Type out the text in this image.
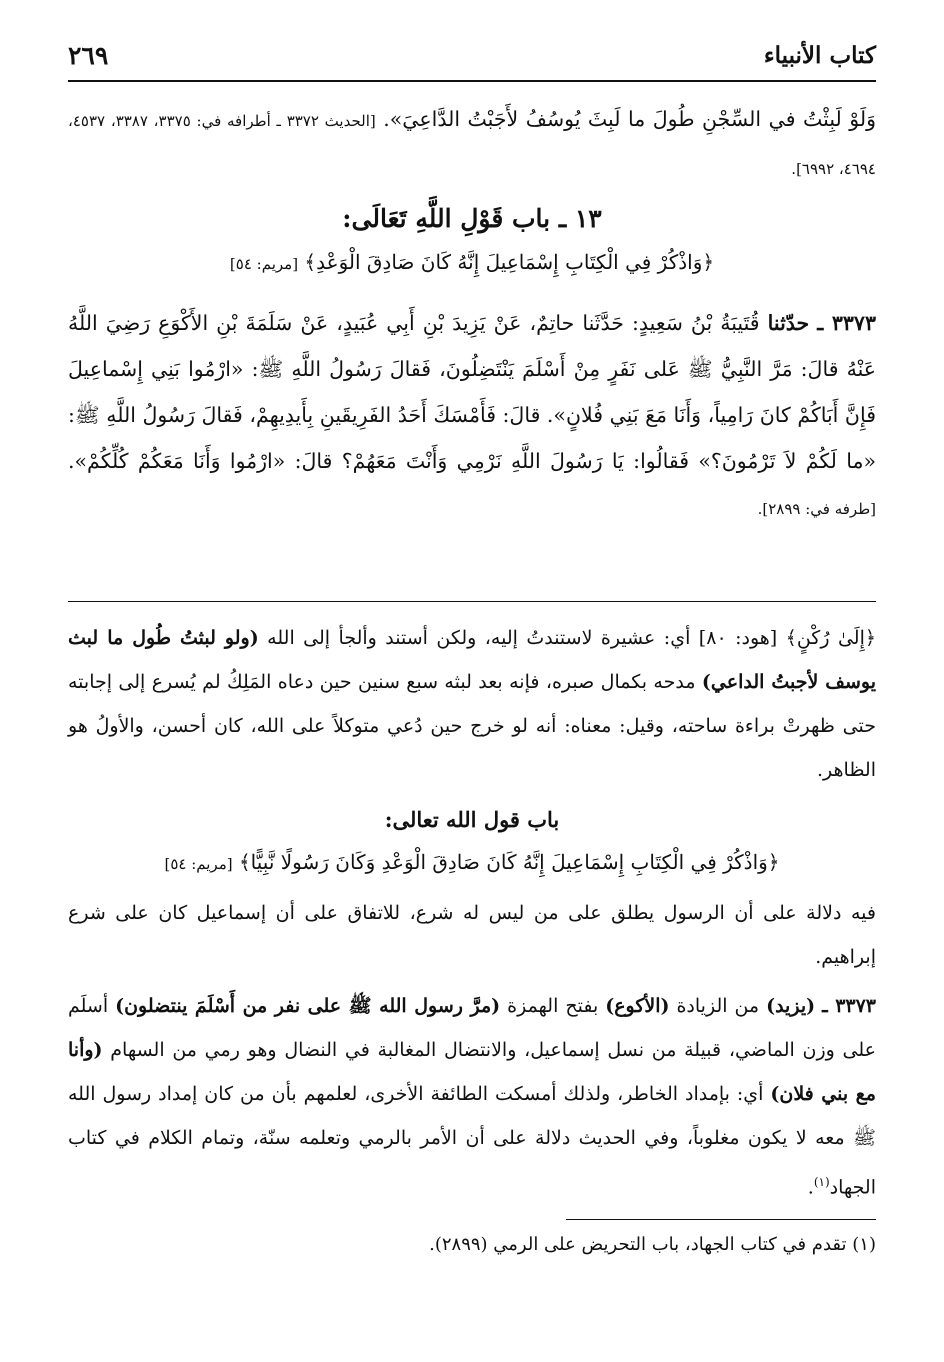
كتاب الأنبياء
٢٦٩

وَلَوْ لَبِثْتُ في السِّجْنِ طُولَ ما لَبِثَ يُوسُفُ لأَجَبْتُ الدَّاعِيَ». [الحديث ٣٣٧٢ ـ أطرافه في: ٣٣٧٥، ٣٣٨٧، ٤٥٣٧، ٤٦٩٤، ٦٩٩٢].

١٣ ـ باب قَوْلِ اللَّهِ تَعَالَى:
﴿وَاذْكُرْ فِي الْكِتَابِ إِسْمَاعِيلَ إِنَّهُ كَانَ صَادِقَ الْوَعْدِ﴾ [مريم: ٥٤]

٣٣٧٣ ـ حدّثنا قُتَيبَةُ بْنُ سَعِيدٍ: حَدَّثَنا حاتِمٌ، عَنْ يَزِيدَ بْنِ أَبِي عُبَيدٍ، عَنْ سَلَمَةَ بْنِ الأَكْوَعِ رَضِيَ اللَّهُ عَنْهُ قالَ: مَرَّ النَّبِيُّ ﷺ عَلى نَفَرٍ مِنْ أَسْلَمَ يَنْتَضِلُونَ، فَقالَ رَسُولُ اللَّهِ ﷺ: «ارْمُوا بَنِي إِسْماعِيلَ فَإِنَّ أَبَاكُمْ كانَ رَامِياً، وَأَنَا مَعَ بَنِي فُلانٍ». قالَ: فَأَمْسَكَ أَحَدُ الفَرِيقَينِ بِأَيدِيهِمْ، فَقالَ رَسُولُ اللَّهِ ﷺ: «ما لَكُمْ لاَ تَرْمُونَ؟» فَقالُوا: يَا رَسُولَ اللَّهِ نَرْمِي وَأَنْتَ مَعَهُمْ؟ قالَ: «ارْمُوا وَأَنَا مَعَكُمْ كُلِّكُمْ». [طرفه في: ٢٨٩٩].

﴿إِلَىٰ رُكْنٍ﴾ [هود: ٨٠] أي: عشيرة لاستندتُ إليه، ولكن أستند وألجأ إلى الله (ولو لبثتُ طُول ما لبث يوسف لأجبتُ الداعي) مدحه بكمال صبره، فإنه بعد لبثه سبع سنين حين دعاه المَلِكُ لم يُسرع إلى إجابته حتى ظهرتْ براءة ساحته، وقيل: معناه: أنه لو خرج حين دُعي متوكلاً على الله، كان أحسن، والأولُ هو الظاهر.

باب قول الله تعالى:
﴿وَاذْكُرْ فِي الْكِتَابِ إِسْمَاعِيلَ إِنَّهُ كَانَ صَادِقَ الْوَعْدِ وَكَانَ رَسُولًا نَّبِيًّا﴾ [مريم: ٥٤]

فيه دلالة على أن الرسول يطلق على من ليس له شرع، للاتفاق على أن إسماعيل كان على شرع إبراهيم.

٣٣٧٣ ـ (يزيد) من الزيادة (الأكوع) بفتح الهمزة (مرَّ رسول الله ﷺ على نفر من أَسْلَمَ ينتضلون) أسلَم على وزن الماضي، قبيلة من نسل إسماعيل، والانتضال المغالبة في النضال وهو رمي من السهام (وأنا مع بني فلان) أي: بإمداد الخاطر، ولذلك أمسكت الطائفة الأخرى، لعلمهم بأن من كان إمداد رسول الله ﷺ معه لا يكون مغلوباً، وفي الحديث دلالة على أن الأمر بالرمي وتعلمه سنّة، وتمام الكلام في كتاب الجهاد$^{(١)}$.

(١) تقدم في كتاب الجهاد، باب التحريض على الرمي (٢٨٩٩).
